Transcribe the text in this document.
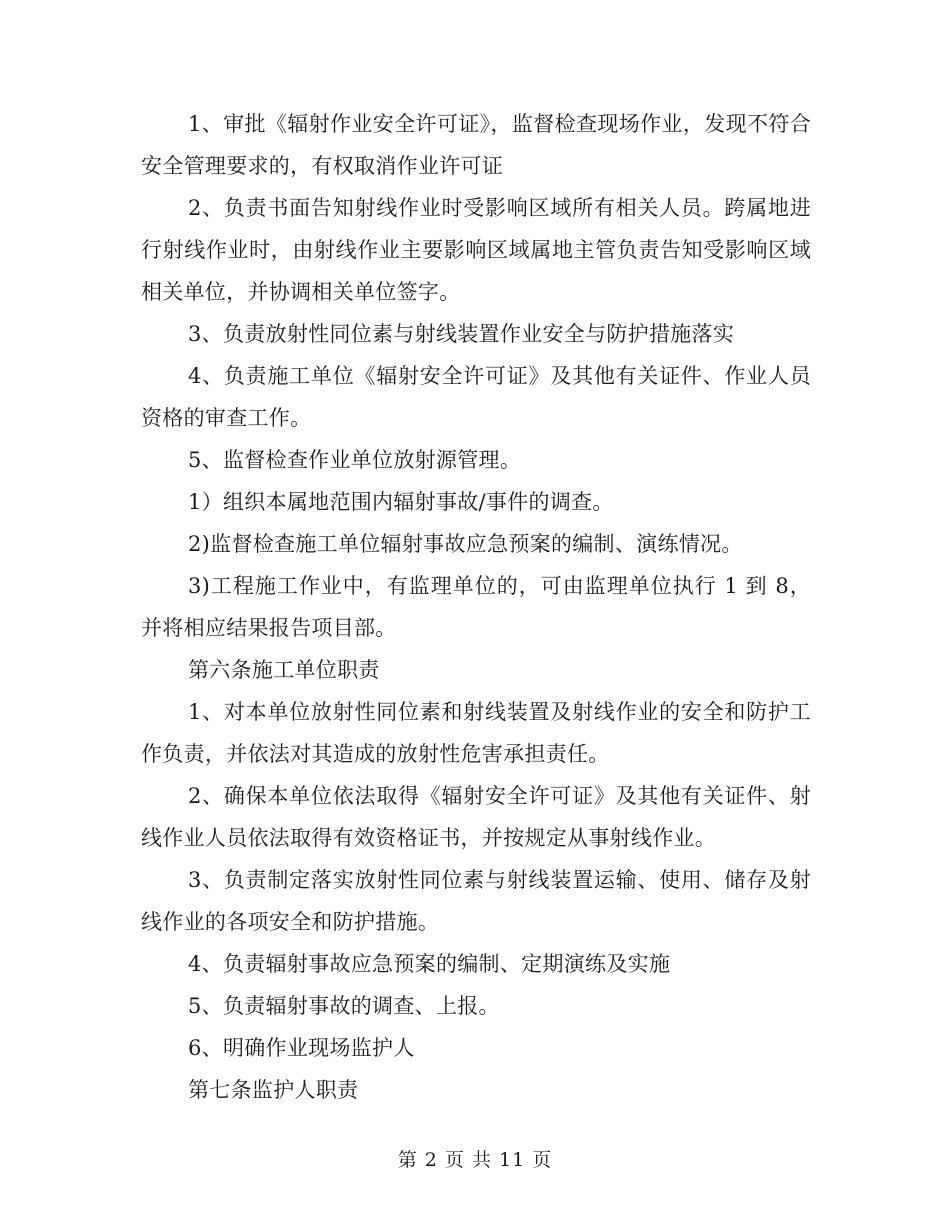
1、审批《辐射作业安全许可证》，监督检查现场作业，发现不符合安全管理要求的，有权取消作业许可证

2、负责书面告知射线作业时受影响区域所有相关人员。跨属地进行射线作业时，由射线作业主要影响区域属地主管负责告知受影响区域相关单位，并协调相关单位签字。

3、负责放射性同位素与射线装置作业安全与防护措施落实

4、负责施工单位《辐射安全许可证》及其他有关证件、作业人员资格的审查工作。

5、监督检查作业单位放射源管理。

1）组织本属地范围内辐射事故/事件的调查。

2)监督检查施工单位辐射事故应急预案的编制、演练情况。

3)工程施工作业中，有监理单位的，可由监理单位执行 1 到 8，并将相应结果报告项目部。

第六条施工单位职责

1、对本单位放射性同位素和射线装置及射线作业的安全和防护工作负责，并依法对其造成的放射性危害承担责任。

2、确保本单位依法取得《辐射安全许可证》及其他有关证件、射线作业人员依法取得有效资格证书，并按规定从事射线作业。

3、负责制定落实放射性同位素与射线装置运输、使用、储存及射线作业的各项安全和防护措施。

4、负责辐射事故应急预案的编制、定期演练及实施

5、负责辐射事故的调查、上报。

6、明确作业现场监护人

第七条监护人职责

第 2 页 共 11 页
